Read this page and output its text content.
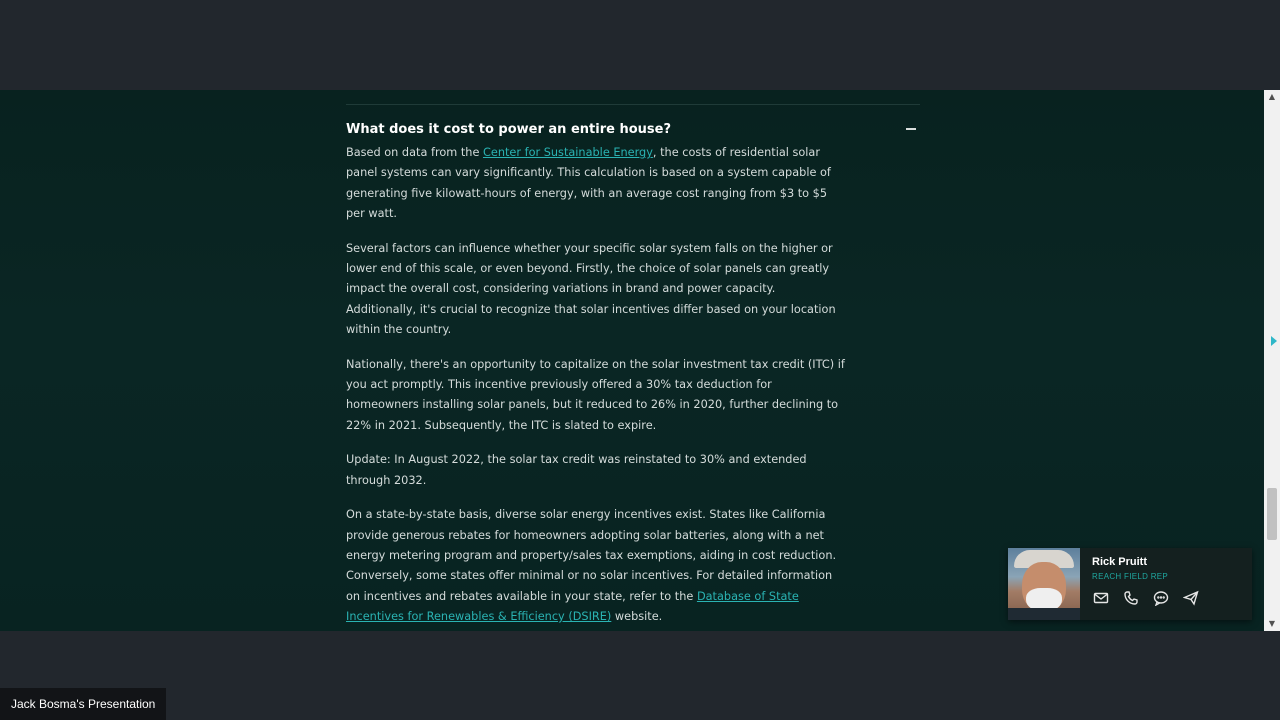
What does it cost to power an entire house?

Based on data from the Center for Sustainable Energy, the costs of residential solar panel systems can vary significantly. This calculation is based on a system capable of generating five kilowatt-hours of energy, with an average cost ranging from $3 to $5 per watt.

Several factors can influence whether your specific solar system falls on the higher or lower end of this scale, or even beyond. Firstly, the choice of solar panels can greatly impact the overall cost, considering variations in brand and power capacity. Additionally, it's crucial to recognize that solar incentives differ based on your location within the country.

Nationally, there's an opportunity to capitalize on the solar investment tax credit (ITC) if you act promptly. This incentive previously offered a 30% tax deduction for homeowners installing solar panels, but it reduced to 26% in 2020, further declining to 22% in 2021. Subsequently, the ITC is slated to expire.

Update: In August 2022, the solar tax credit was reinstated to 30% and extended through 2032.

On a state-by-state basis, diverse solar energy incentives exist. States like California provide generous rebates for homeowners adopting solar batteries, along with a net energy metering program and property/sales tax exemptions, aiding in cost reduction. Conversely, some states offer minimal or no solar incentives. For detailed information on incentives and rebates available in your state, refer to the Database of State Incentives for Renewables & Efficiency (DSIRE) website.

▲
▼
Rick Pruitt
REACH FIELD REP
Jack Bosma's Presentation
